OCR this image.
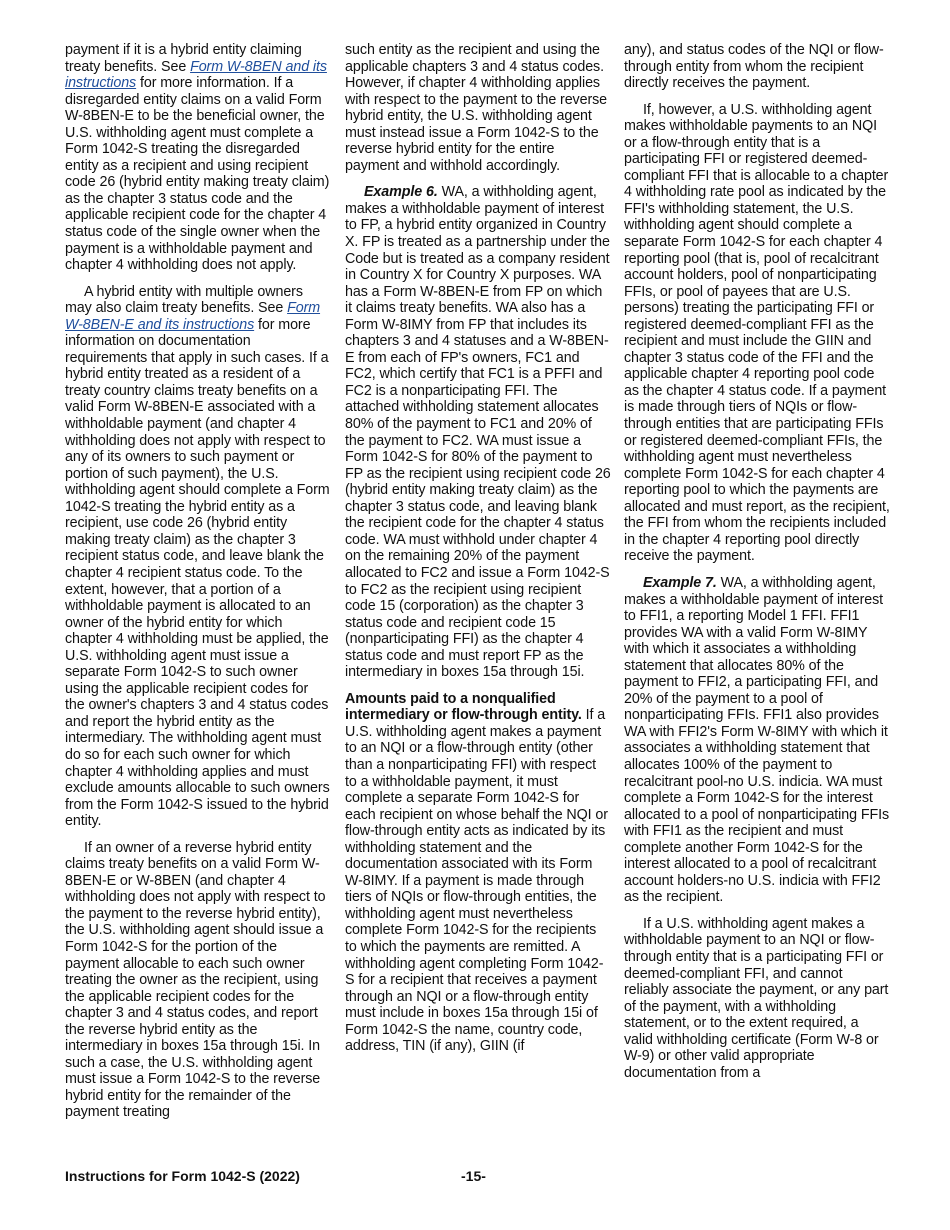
payment if it is a hybrid entity claiming treaty benefits. See Form W-8BEN and its instructions for more information. If a disregarded entity claims on a valid Form W-8BEN-E to be the beneficial owner, the U.S. withholding agent must complete a Form 1042-S treating the disregarded entity as a recipient and using recipient code 26 (hybrid entity making treaty claim) as the chapter 3 status code and the applicable recipient code for the chapter 4 status code of the single owner when the payment is a withholdable payment and chapter 4 withholding does not apply.

A hybrid entity with multiple owners may also claim treaty benefits. See Form W-8BEN-E and its instructions for more information on documentation requirements that apply in such cases. If a hybrid entity treated as a resident of a treaty country claims treaty benefits on a valid Form W-8BEN-E associated with a withholdable payment (and chapter 4 withholding does not apply with respect to any of its owners to such payment or portion of such payment), the U.S. withholding agent should complete a Form 1042-S treating the hybrid entity as a recipient, use code 26 (hybrid entity making treaty claim) as the chapter 3 recipient status code, and leave blank the chapter 4 recipient status code. To the extent, however, that a portion of a withholdable payment is allocated to an owner of the hybrid entity for which chapter 4 withholding must be applied, the U.S. withholding agent must issue a separate Form 1042-S to such owner using the applicable recipient codes for the owner's chapters 3 and 4 status codes and report the hybrid entity as the intermediary. The withholding agent must do so for each such owner for which chapter 4 withholding applies and must exclude amounts allocable to such owners from the Form 1042-S issued to the hybrid entity.

If an owner of a reverse hybrid entity claims treaty benefits on a valid Form W-8BEN-E or W-8BEN (and chapter 4 withholding does not apply with respect to the payment to the reverse hybrid entity), the U.S. withholding agent should issue a Form 1042-S for the portion of the payment allocable to each such owner treating the owner as the recipient, using the applicable recipient codes for the chapter 3 and 4 status codes, and report the reverse hybrid entity as the intermediary in boxes 15a through 15i. In such a case, the U.S. withholding agent must issue a Form 1042-S to the reverse hybrid entity for the remainder of the payment treating

such entity as the recipient and using the applicable chapters 3 and 4 status codes. However, if chapter 4 withholding applies with respect to the payment to the reverse hybrid entity, the U.S. withholding agent must instead issue a Form 1042-S to the reverse hybrid entity for the entire payment and withhold accordingly.

Example 6. WA, a withholding agent, makes a withholdable payment of interest to FP, a hybrid entity organized in Country X. FP is treated as a partnership under the Code but is treated as a company resident in Country X for Country X purposes. WA has a Form W-8BEN-E from FP on which it claims treaty benefits. WA also has a Form W-8IMY from FP that includes its chapters 3 and 4 statuses and a W-8BEN-E from each of FP's owners, FC1 and FC2, which certify that FC1 is a PFFI and FC2 is a nonparticipating FFI. The attached withholding statement allocates 80% of the payment to FC1 and 20% of the payment to FC2. WA must issue a Form 1042-S for 80% of the payment to FP as the recipient using recipient code 26 (hybrid entity making treaty claim) as the chapter 3 status code, and leaving blank the recipient code for the chapter 4 status code. WA must withhold under chapter 4 on the remaining 20% of the payment allocated to FC2 and issue a Form 1042-S to FC2 as the recipient using recipient code 15 (corporation) as the chapter 3 status code and recipient code 15 (nonparticipating FFI) as the chapter 4 status code and must report FP as the intermediary in boxes 15a through 15i.

Amounts paid to a nonqualified intermediary or flow-through entity. If a U.S. withholding agent makes a payment to an NQI or a flow-through entity (other than a nonparticipating FFI) with respect to a withholdable payment, it must complete a separate Form 1042-S for each recipient on whose behalf the NQI or flow-through entity acts as indicated by its withholding statement and the documentation associated with its Form W-8IMY. If a payment is made through tiers of NQIs or flow-through entities, the withholding agent must nevertheless complete Form 1042-S for the recipients to which the payments are remitted. A withholding agent completing Form 1042-S for a recipient that receives a payment through an NQI or a flow-through entity must include in boxes 15a through 15i of Form 1042-S the name, country code, address, TIN (if any), GIIN (if

any), and status codes of the NQI or flow-through entity from whom the recipient directly receives the payment.

If, however, a U.S. withholding agent makes withholdable payments to an NQI or a flow-through entity that is a participating FFI or registered deemed-compliant FFI that is allocable to a chapter 4 withholding rate pool as indicated by the FFI's withholding statement, the U.S. withholding agent should complete a separate Form 1042-S for each chapter 4 reporting pool (that is, pool of recalcitrant account holders, pool of nonparticipating FFIs, or pool of payees that are U.S. persons) treating the participating FFI or registered deemed-compliant FFI as the recipient and must include the GIIN and chapter 3 status code of the FFI and the applicable chapter 4 reporting pool code as the chapter 4 status code. If a payment is made through tiers of NQIs or flow-through entities that are participating FFIs or registered deemed-compliant FFIs, the withholding agent must nevertheless complete Form 1042-S for each chapter 4 reporting pool to which the payments are allocated and must report, as the recipient, the FFI from whom the recipients included in the chapter 4 reporting pool directly receive the payment.

Example 7. WA, a withholding agent, makes a withholdable payment of interest to FFI1, a reporting Model 1 FFI. FFI1 provides WA with a valid Form W-8IMY with which it associates a withholding statement that allocates 80% of the payment to FFI2, a participating FFI, and 20% of the payment to a pool of nonparticipating FFIs. FFI1 also provides WA with FFI2's Form W-8IMY with which it associates a withholding statement that allocates 100% of the payment to recalcitrant pool-no U.S. indicia. WA must complete a Form 1042-S for the interest allocated to a pool of nonparticipating FFIs with FFI1 as the recipient and must complete another Form 1042-S for the interest allocated to a pool of recalcitrant account holders-no U.S. indicia with FFI2 as the recipient.

If a U.S. withholding agent makes a withholdable payment to an NQI or flow-through entity that is a participating FFI or deemed-compliant FFI, and cannot reliably associate the payment, or any part of the payment, with a withholding statement, or to the extent required, a valid withholding certificate (Form W-8 or W-9) or other valid appropriate documentation from a

Instructions for Form 1042-S (2022)	-15-
